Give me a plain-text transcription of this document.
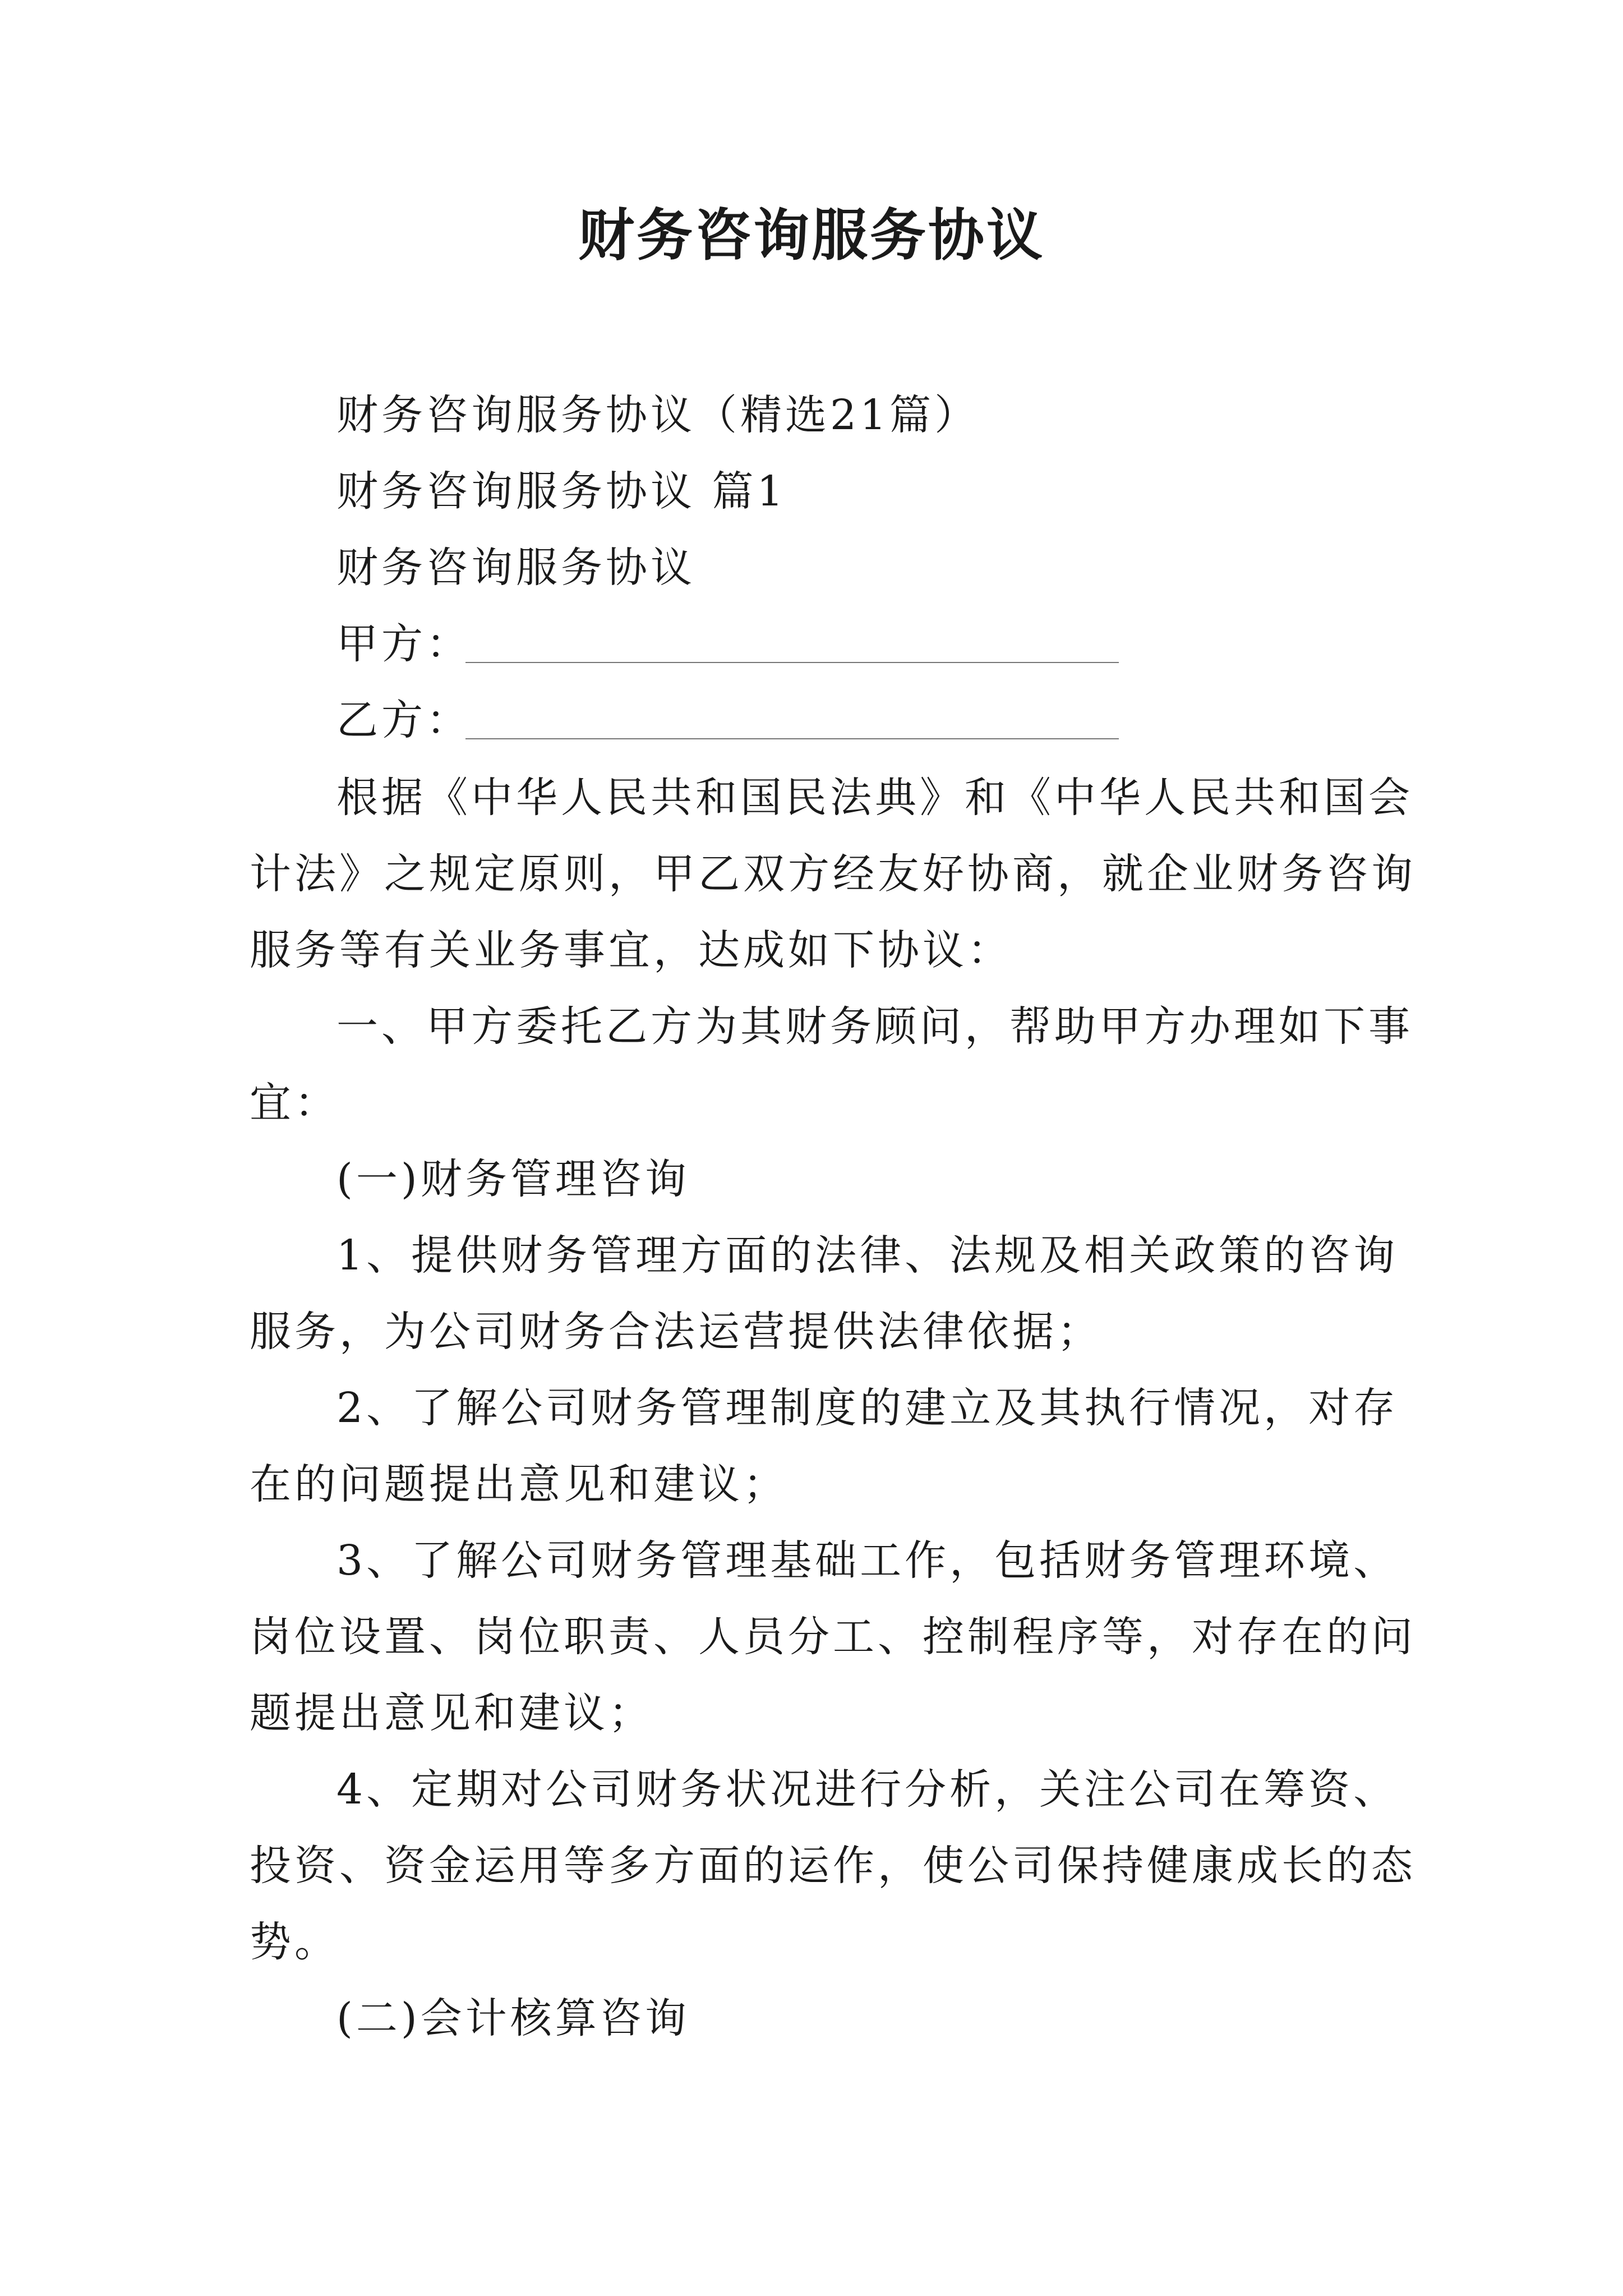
财务咨询服务协议
财务咨询服务协议（精选21篇）
财务咨询服务协议 篇1
财务咨询服务协议
甲方：
乙方：
根据《中华人民共和国民法典》和《中华人民共和国会
计法》之规定原则，甲乙双方经友好协商，就企业财务咨询
服务等有关业务事宜，达成如下协议：
一、甲方委托乙方为其财务顾问，帮助甲方办理如下事
宜：
(一)财务管理咨询
1、提供财务管理方面的法律、法规及相关政策的咨询
服务，为公司财务合法运营提供法律依据；
2、了解公司财务管理制度的建立及其执行情况，对存
在的问题提出意见和建议；
3、了解公司财务管理基础工作，包括财务管理环境、
岗位设置、岗位职责、人员分工、控制程序等，对存在的问
题提出意见和建议；
4、定期对公司财务状况进行分析，关注公司在筹资、
投资、资金运用等多方面的运作，使公司保持健康成长的态
势。
(二)会计核算咨询
